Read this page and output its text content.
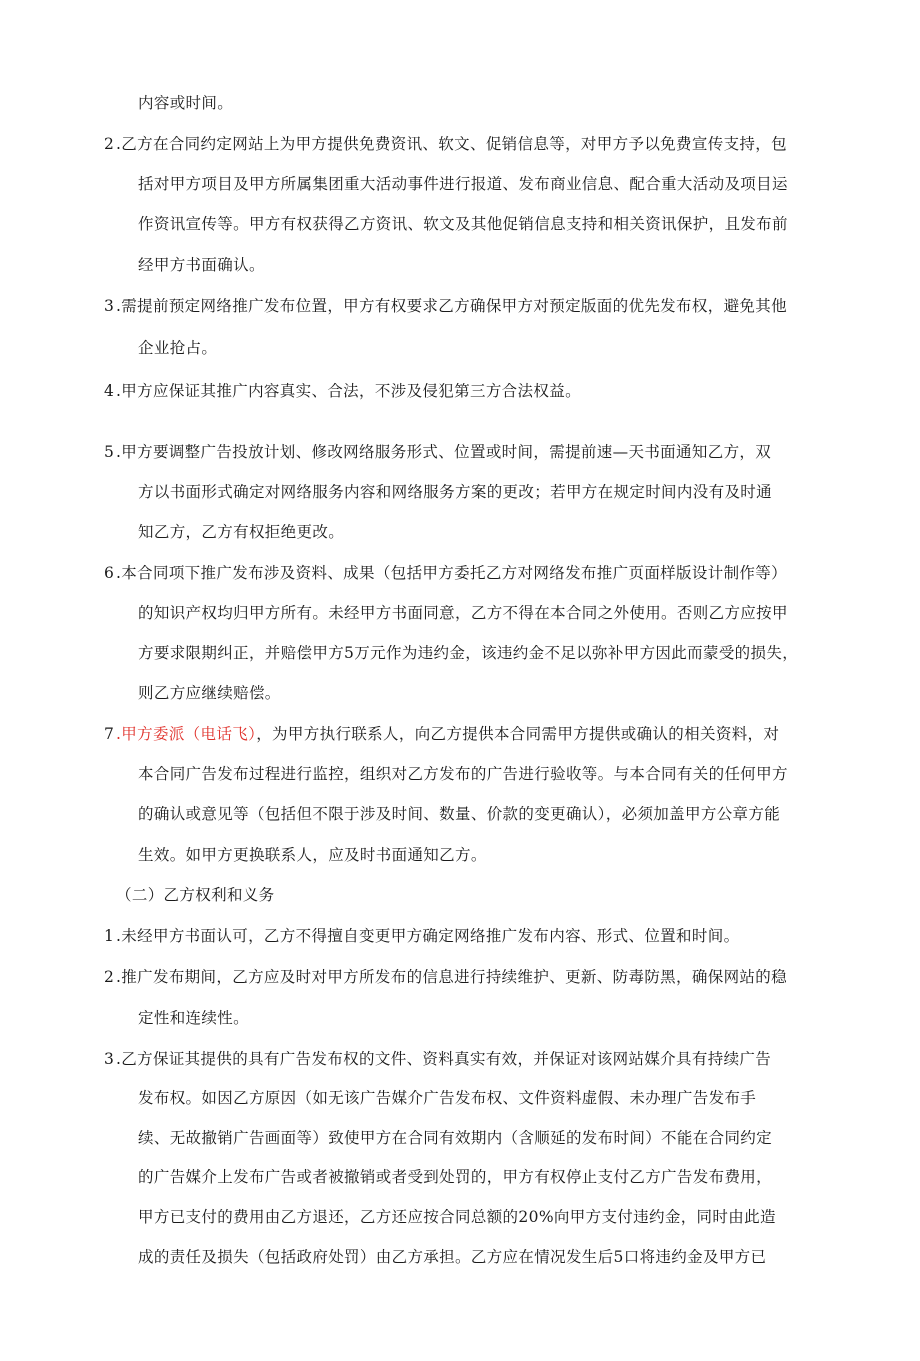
内容或时间。
2 .乙方在合同约定网站上为甲方提供免费资讯、软文、促销信息等，对甲方予以免费宣传支持，包
括对甲方项目及甲方所属集团重大活动事件进行报道、发布商业信息、配合重大活动及项目运
作资讯宣传等。甲方有权获得乙方资讯、软文及其他促销信息支持和相关资讯保护，且发布前
经甲方书面确认。
3 .需提前预定网络推广发布位置，甲方有权要求乙方确保甲方对预定版面的优先发布权，避免其他
企业抢占。
4 .甲方应保证其推广内容真实、合法，不涉及侵犯第三方合法权益。
5 .甲方要调整广告投放计划、修改网络服务形式、位置或时间，需提前速—天书面通知乙方，双
方以书面形式确定对网络服务内容和网络服务方案的更改；若甲方在规定时间内没有及时通
知乙方，乙方有权拒绝更改。
6 .本合同项下推广发布涉及资料、成果（包括甲方委托乙方对网络发布推广页面样版设计制作等）
的知识产权均归甲方所有。未经甲方书面同意，乙方不得在本合同之外使用。否则乙方应按甲
方要求限期纠正，并赔偿甲方5万元作为违约金，该违约金不足以弥补甲方因此而蒙受的损失，
则乙方应继续赔偿。
7 .甲方委派（电话飞），为甲方执行联系人，向乙方提供本合同需甲方提供或确认的相关资料，对
本合同广告发布过程进行监控，组织对乙方发布的广告进行验收等。与本合同有关的任何甲方
的确认或意见等（包括但不限于涉及时间、数量、价款的变更确认），必须加盖甲方公章方能
生效。如甲方更换联系人，应及时书面通知乙方。
（二）乙方权利和义务
1 .未经甲方书面认可，乙方不得擅自变更甲方确定网络推广发布内容、形式、位置和时间。
2 .推广发布期间，乙方应及时对甲方所发布的信息进行持续维护、更新、防毒防黑，确保网站的稳
定性和连续性。
3 .乙方保证其提供的具有广告发布权的文件、资料真实有效，并保证对该网站媒介具有持续广告
发布权。如因乙方原因（如无该广告媒介广告发布权、文件资料虚假、未办理广告发布手
续、无故撤销广告画面等）致使甲方在合同有效期内（含顺延的发布时间）不能在合同约定
的广告媒介上发布广告或者被撤销或者受到处罚的，甲方有权停止支付乙方广告发布费用，
甲方已支付的费用由乙方退还，乙方还应按合同总额的20%向甲方支付违约金，同时由此造
成的责任及损失（包括政府处罚）由乙方承担。乙方应在情况发生后5口将违约金及甲方已
